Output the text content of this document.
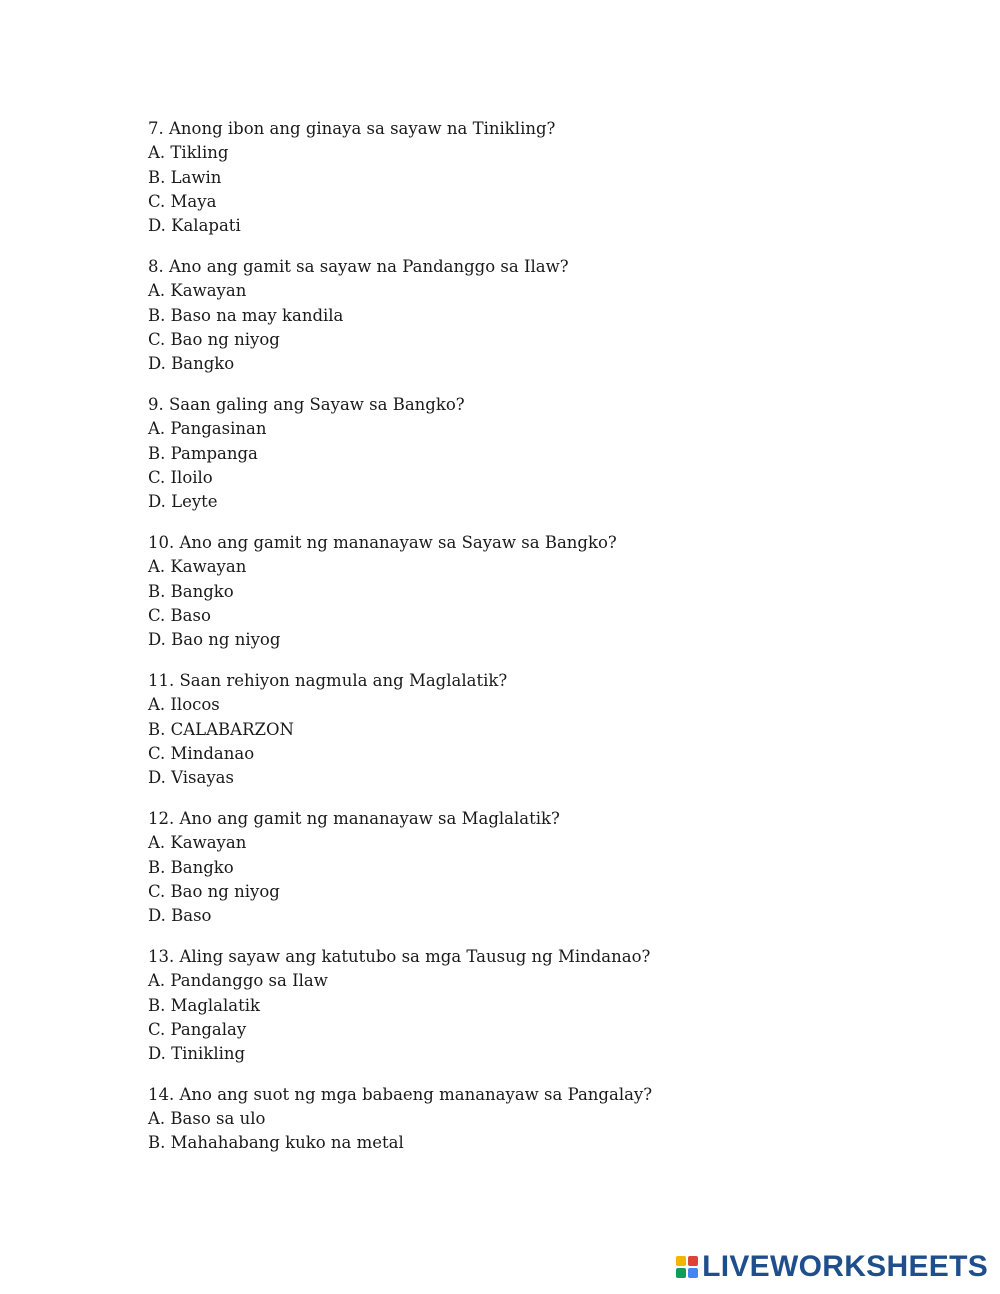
7. Anong ibon ang ginaya sa sayaw na Tinikling?
A. Tikling
B. Lawin
C. Maya
D. Kalapati
8. Ano ang gamit sa sayaw na Pandanggo sa Ilaw?
A. Kawayan
B. Baso na may kandila
C. Bao ng niyog
D. Bangko
9. Saan galing ang Sayaw sa Bangko?
A. Pangasinan
B. Pampanga
C. Iloilo
D. Leyte
10. Ano ang gamit ng mananayaw sa Sayaw sa Bangko?
A. Kawayan
B. Bangko
C. Baso
D. Bao ng niyog
11. Saan rehiyon nagmula ang Maglalatik?
A. Ilocos
B. CALABARZON
C. Mindanao
D. Visayas
12. Ano ang gamit ng mananayaw sa Maglalatik?
A. Kawayan
B. Bangko
C. Bao ng niyog
D. Baso
13. Aling sayaw ang katutubo sa mga Tausug ng Mindanao?
A. Pandanggo sa Ilaw
B. Maglalatik
C. Pangalay
D. Tinikling
14. Ano ang suot ng mga babaeng mananayaw sa Pangalay?
A. Baso sa ulo
B. Mahahabang kuko na metal
LIVEWORKSHEETS
